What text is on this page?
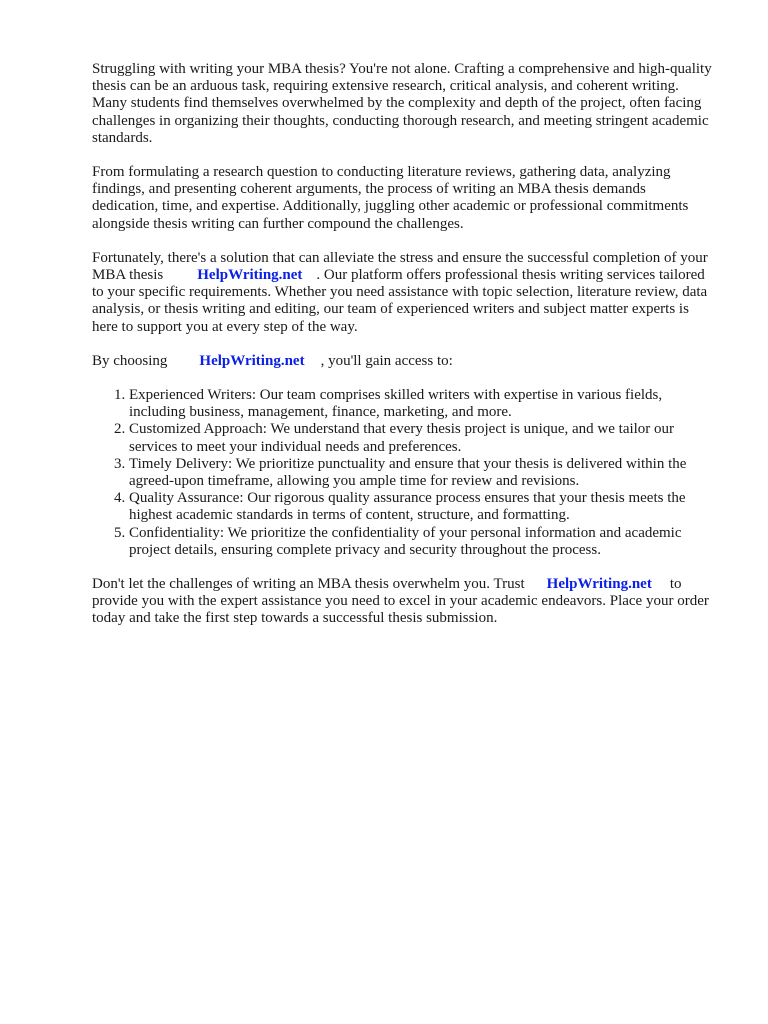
Struggling with writing your MBA thesis? You're not alone. Crafting a comprehensive and high-quality thesis can be an arduous task, requiring extensive research, critical analysis, and coherent writing. Many students find themselves overwhelmed by the complexity and depth of the project, often facing challenges in organizing their thoughts, conducting thorough research, and meeting stringent academic standards.

From formulating a research question to conducting literature reviews, gathering data, analyzing findings, and presenting coherent arguments, the process of writing an MBA thesis demands dedication, time, and expertise. Additionally, juggling other academic or professional commitments alongside thesis writing can further compound the challenges.

Fortunately, there's a solution that can alleviate the stress and ensure the successful completion of your MBA thesis HelpWriting.net . Our platform offers professional thesis writing services tailored to your specific requirements. Whether you need assistance with topic selection, literature review, data analysis, or thesis writing and editing, our team of experienced writers and subject matter experts is here to support you at every step of the way.

By choosing HelpWriting.net , you'll gain access to:

1. Experienced Writers: Our team comprises skilled writers with expertise in various fields, including business, management, finance, marketing, and more.
2. Customized Approach: We understand that every thesis project is unique, and we tailor our services to meet your individual needs and preferences.
3. Timely Delivery: We prioritize punctuality and ensure that your thesis is delivered within the agreed-upon timeframe, allowing you ample time for review and revisions.
4. Quality Assurance: Our rigorous quality assurance process ensures that your thesis meets the highest academic standards in terms of content, structure, and formatting.
5. Confidentiality: We prioritize the confidentiality of your personal information and academic project details, ensuring complete privacy and security throughout the process.

Don't let the challenges of writing an MBA thesis overwhelm you. Trust HelpWriting.net to provide you with the expert assistance you need to excel in your academic endeavors. Place your order today and take the first step towards a successful thesis submission.
